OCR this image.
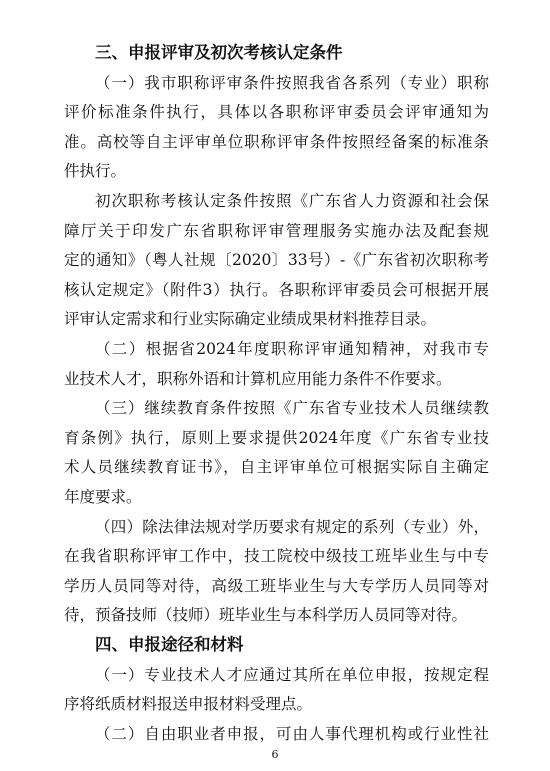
三、申报评审及初次考核认定条件
（一）我市职称评审条件按照我省各系列（专业）职称
评价标准条件执行，具体以各职称评审委员会评审通知为
准。高校等自主评审单位职称评审条件按照经备案的标准条
件执行。
初次职称考核认定条件按照《广东省人力资源和社会保
障厅关于印发广东省职称评审管理服务实施办法及配套规
定的通知》（粤人社规〔2020〕33号）-《广东省初次职称考
核认定规定》（附件3）执行。各职称评审委员会可根据开展
评审认定需求和行业实际确定业绩成果材料推荐目录。
（二）根据省2024年度职称评审通知精神，对我市专
业技术人才，职称外语和计算机应用能力条件不作要求。
（三）继续教育条件按照《广东省专业技术人员继续教
育条例》执行，原则上要求提供2024年度《广东省专业技
术人员继续教育证书》，自主评审单位可根据实际自主确定
年度要求。
（四）除法律法规对学历要求有规定的系列（专业）外，
在我省职称评审工作中，技工院校中级技工班毕业生与中专
学历人员同等对待，高级工班毕业生与大专学历人员同等对
待，预备技师（技师）班毕业生与本科学历人员同等对待。
四、申报途径和材料
（一）专业技术人才应通过其所在单位申报，按规定程
序将纸质材料报送申报材料受理点。
6
（二）自由职业者申报，可由人事代理机构或行业性社
